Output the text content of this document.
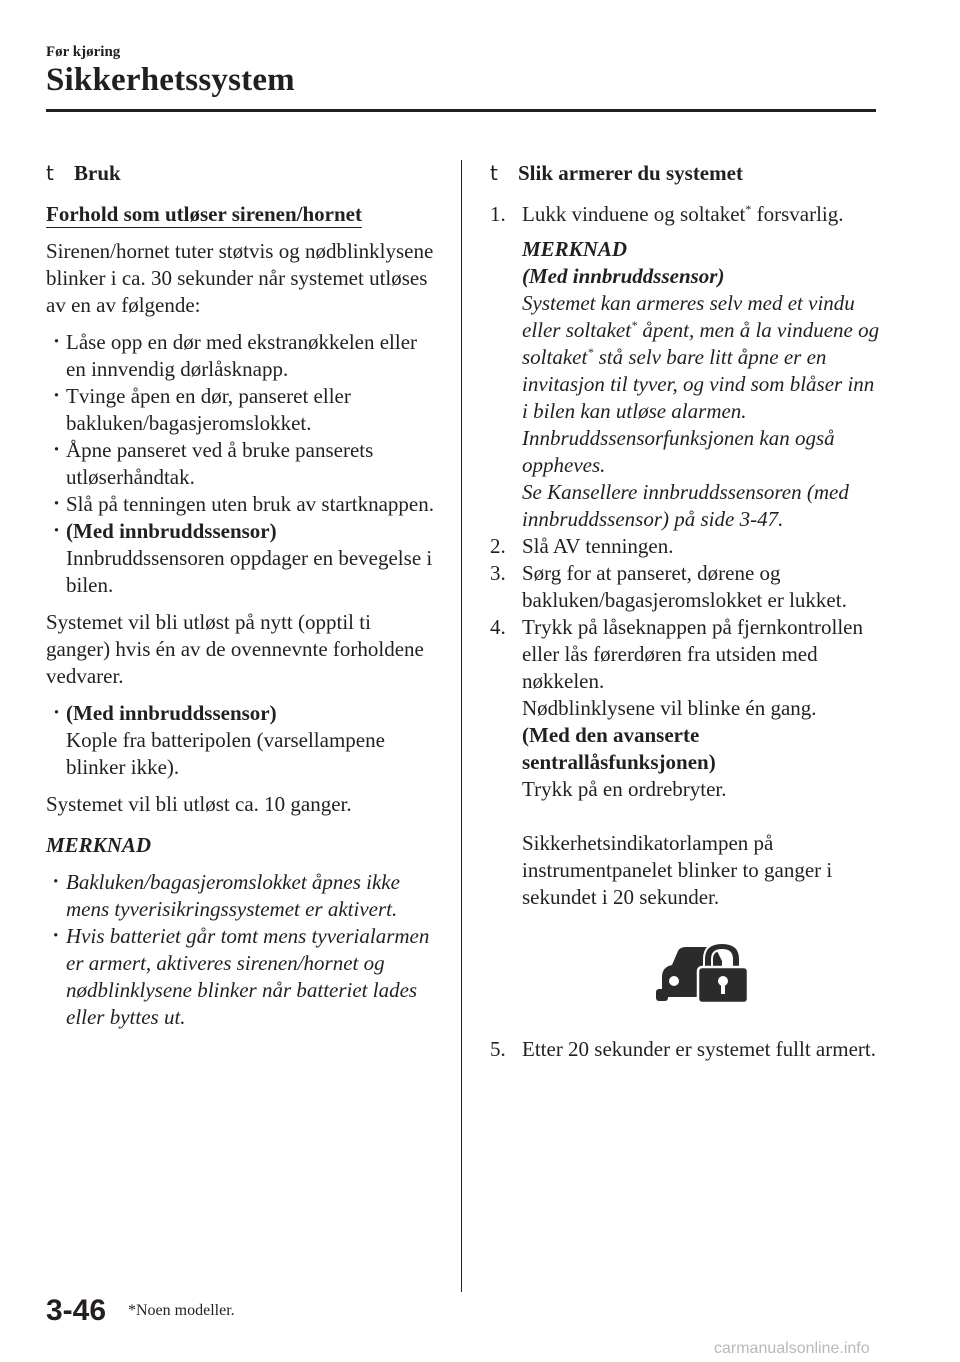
Før kjøring
Sikkerhetssystem
t Bruk
Forhold som utløser sirenen/hornet

Sirenen/hornet tuter støtvis og nødblinklysene blinker i ca. 30 sekunder når systemet utløses av en av følgende:

· Låse opp en dør med ekstranøkkelen eller en innvendig dørlåsknapp.
· Tvinge åpen en dør, panseret eller bakluken/bagasjeromslokket.
· Åpne panseret ved å bruke panserets utløserhåndtak.
· Slå på tenningen uten bruk av startknappen.
· (Med innbruddssensor)
Innbruddssensoren oppdager en bevegelse i bilen.

Systemet vil bli utløst på nytt (opptil ti ganger) hvis én av de ovennevnte forholdene vedvarer.

· (Med innbruddssensor)
Kople fra batteripolen (varsellampene blinker ikke).

Systemet vil bli utløst ca. 10 ganger.

MERKNAD
· Bakluken/bagasjeromslokket åpnes ikke mens tyverisikringssystemet er aktivert.
· Hvis batteriet går tomt mens tyverialarmen er armert, aktiveres sirenen/hornet og nødblinklysene blinker når batteriet lades eller byttes ut.
t Slik armerer du systemet
1. Lukk vinduene og soltaket* forsvarlig.
MERKNAD
(Med innbruddssensor)
Systemet kan armeres selv med et vindu eller soltaket* åpent, men å la vinduene og soltaket* stå selv bare litt åpne er en invitasjon til tyver, og vind som blåser inn i bilen kan utløse alarmen.
Innbruddssensorfunksjonen kan også oppheves.
Se Kansellere innbruddssensoren (med innbruddssensor) på side 3-47.
2. Slå AV tenningen.
3. Sørg for at panseret, dørene og bakluken/bagasjeromslokket er lukket.
4. Trykk på låseknappen på fjernkontrollen eller lås førerdøren fra utsiden med nøkkelen.
Nødblinklysene vil blinke én gang.
(Med den avanserte sentrallåsfunksjonen)
Trykk på en ordrebryter.
Sikkerhetsindikatorlampen på instrumentpanelet blinker to ganger i sekundet i 20 sekunder.
5. Etter 20 sekunder er systemet fullt armert.
3-46 *Noen modeller.
carmanualsonline.info
